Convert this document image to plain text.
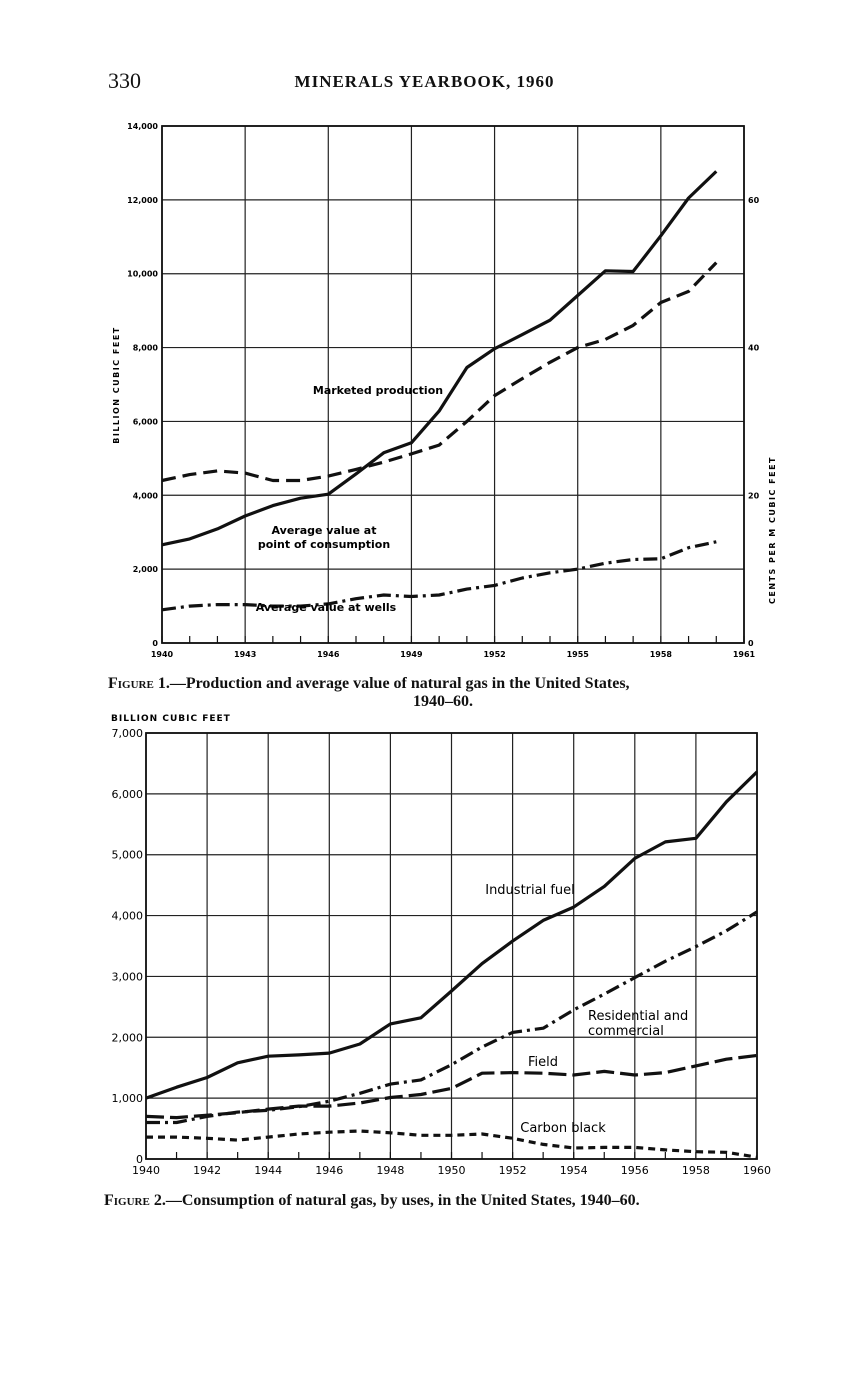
330	MINERALS YEARBOOK, 1960
0
2,000
4,000
6,000
8,000
10,000
12,000
14,000
0
20
40
60
1940	1943	1946	1949	1952	1955	1958	1961
BILLION CUBIC FEET
CENTS PER M CUBIC FEET
Marketed production
Average value at point of consumption
Average value at wells
Figure 1.—Production and average value of natural gas in the United States,
1940–60.
0
1,000
2,000
3,000
4,000
5,000
6,000
7,000
1940	1942	1944	1946	1948	1950	1952	1954	1956	1958	1960
BILLION CUBIC FEET
Industrial fuel
Residential and commercial
Field
Carbon black
Figure 2.—Consumption of natural gas, by uses, in the United States, 1940–60.
